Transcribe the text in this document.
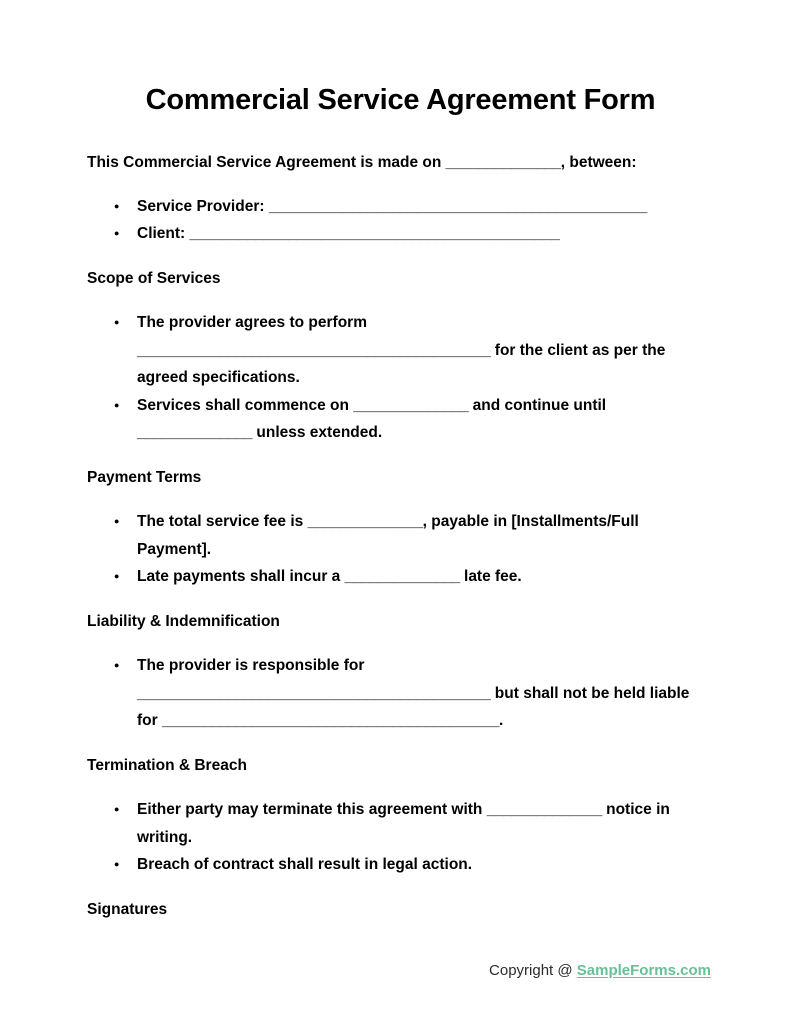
Commercial Service Agreement Form

This Commercial Service Agreement is made on ______________, between:

● Service Provider: ______________________________________________
● Client: _____________________________________________
Scope of Services
● The provider agrees to perform ___________________________________________ for the client as per the agreed specifications.
● Services shall commence on ______________ and continue until ______________ unless extended.
Payment Terms
● The total service fee is ______________, payable in [Installments/Full Payment].
● Late payments shall incur a ______________ late fee.
Liability & Indemnification
● The provider is responsible for ___________________________________________ but shall not be held liable for _________________________________________.
Termination & Breach
● Either party may terminate this agreement with ______________ notice in writing.
● Breach of contract shall result in legal action.
Signatures
Copyright @ SampleForms.com
